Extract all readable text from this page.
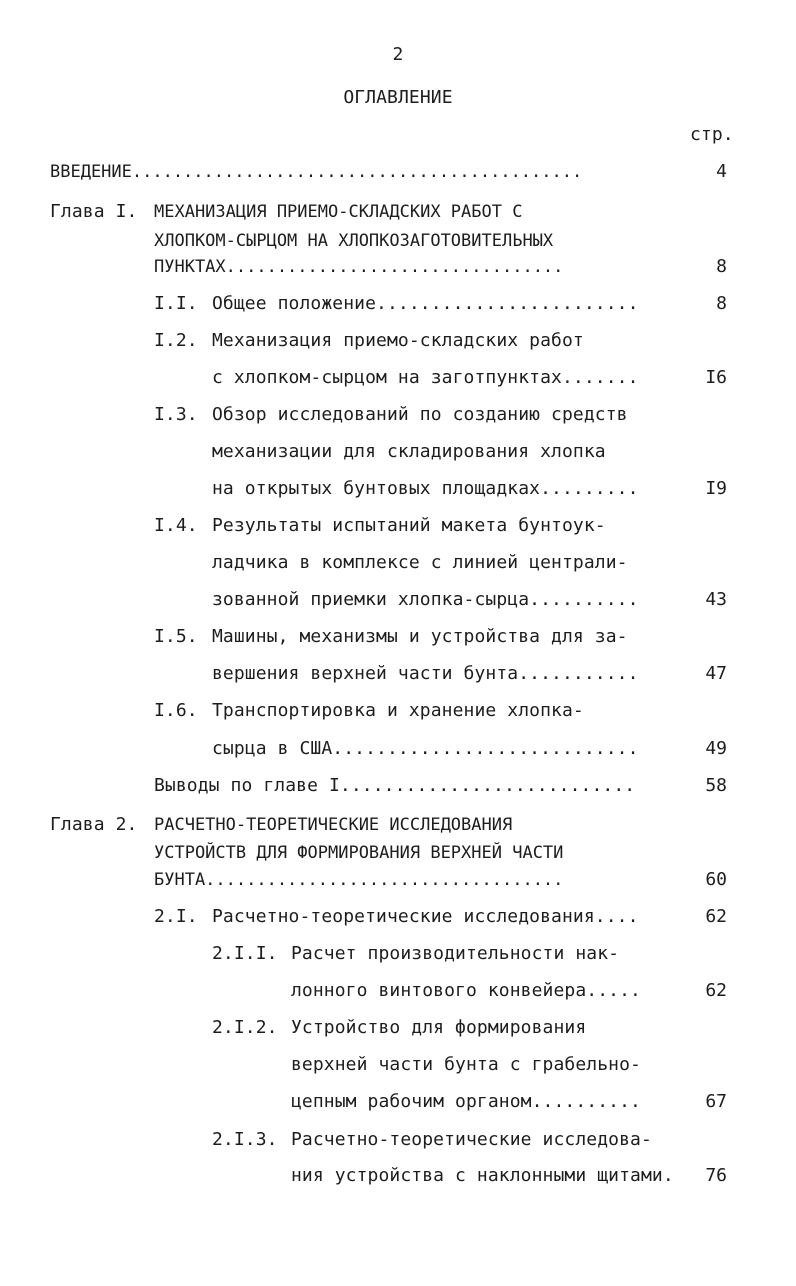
2
ОГЛАВЛЕНИЕ
стр.
ВВЕДЕНИЕ............................................	4
Глава I. МЕХАНИЗАЦИЯ ПРИЕМО-СКЛАДСКИХ РАБОТ С
ХЛОПКОМ-СЫРЦОМ НА ХЛОПКОЗАГОТОВИТЕЛЬНЫХ
ПУНКТАХ.................................	8
I.I. Общее положение........................	8
I.2. Механизация приемо-складских работ
с хлопком-сырцом на заготпунктах.......	I6
I.3. Обзор исследований по созданию средств
механизации для складирования хлопка
на открытых бунтовых площадках.........	I9
I.4. Результаты испытаний макета бунтоук-
ладчика в комплексе с линией централи-
зованной приемки хлопка-сырца..........	43
I.5. Машины, механизмы и устройства для за-
вершения верхней части бунта...........	47
I.6. Транспортировка и хранение хлопка-
сырца в США............................	49
Выводы по главе I...........................	58
Глава 2. РАСЧЕТНО-ТЕОРЕТИЧЕСКИЕ ИССЛЕДОВАНИЯ
УСТРОЙСТВ ДЛЯ ФОРМИРОВАНИЯ ВЕРХНЕЙ ЧАСТИ
БУНТА...................................	60
2.I. Расчетно-теоретические исследования....	62
2.I.I. Расчет производительности нак-
лонного винтового конвейера.....	62
2.I.2. Устройство для формирования
верхней части бунта с грабельно-
цепным рабочим органом..........	67
2.I.3. Расчетно-теоретические исследова-
ния устройства с наклонными щитами.	76
